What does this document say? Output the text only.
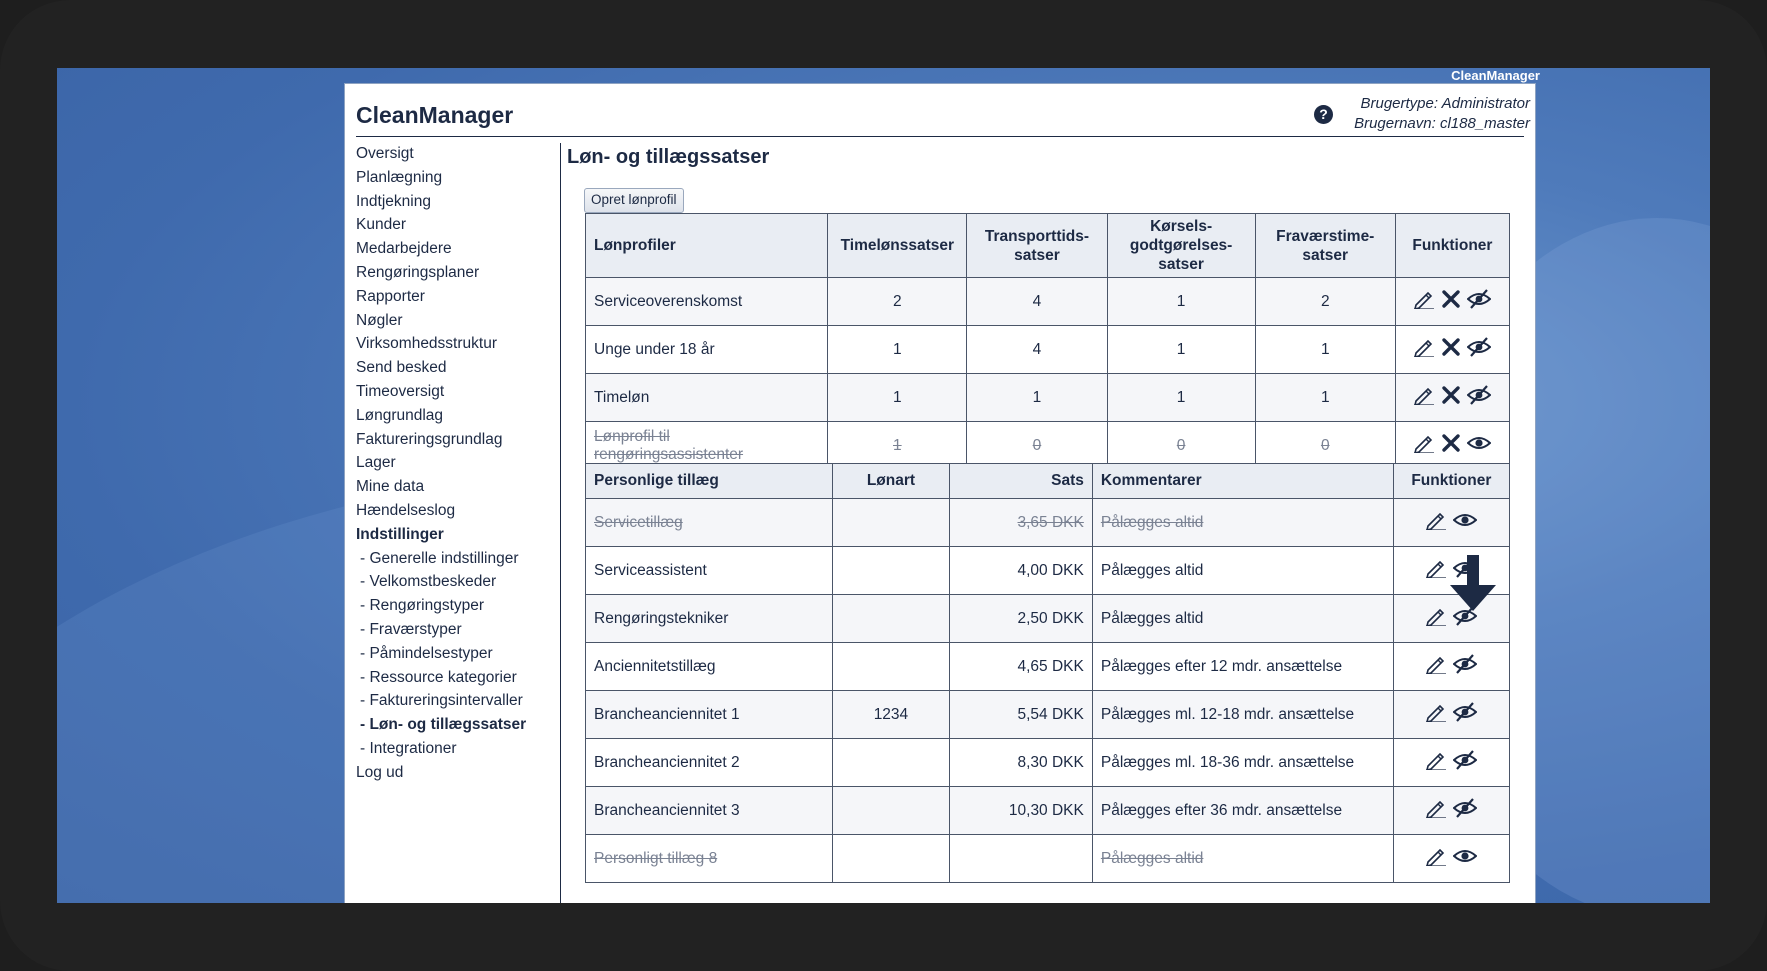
CleanManager
CleanManager	?
Brugertype: Administrator
Brugernavn: cl188_master
Oversigt
Planlægning
Indtjekning
Kunder
Medarbejdere
Rengøringsplaner
Rapporter
Nøgler
Virksomhedsstruktur
Send besked
Timeoversigt
Løngrundlag
Faktureringsgrundlag
Lager
Mine data
Hændelseslog
Indstillinger
- Generelle indstillinger
- Velkomstbeskeder
- Rengøringstyper
- Fraværstyper
- Påmindelsestyper
- Ressource kategorier
- Faktureringsintervaller
- Løn- og tillægssatser
- Integrationer
Log ud
Løn- og tillægssatser
Opret lønprofil
Lønprofiler	Timelønssatser	Transporttids-
satser	Kørsels-
godtgørelses-
satser	Fraværstime-
satser	Funktioner
Serviceoverenskomst	2	4	1	2	
Unge under 18 år	1	4	1	1	
Timeløn	1	1	1	1	
Lønprofil til rengøringsassistenter	1	0	0	0	
Personlige tillæg	Lønart	Sats	Kommentarer	Funktioner
Servicetillæg		3,65 DKK	Pålægges altid	
Serviceassistent		4,00 DKK	Pålægges altid	
Rengøringstekniker		2,50 DKK	Pålægges altid	
Anciennitetstillæg		4,65 DKK	Pålægges efter 12 mdr. ansættelse	
Brancheanciennitet 1	1234	5,54 DKK	Pålægges ml. 12-18 mdr. ansættelse	
Brancheanciennitet 2		8,30 DKK	Pålægges ml. 18-36 mdr. ansættelse	
Brancheanciennitet 3		10,30 DKK	Pålægges efter 36 mdr. ansættelse	
Personligt tillæg 8			Pålægges altid	
